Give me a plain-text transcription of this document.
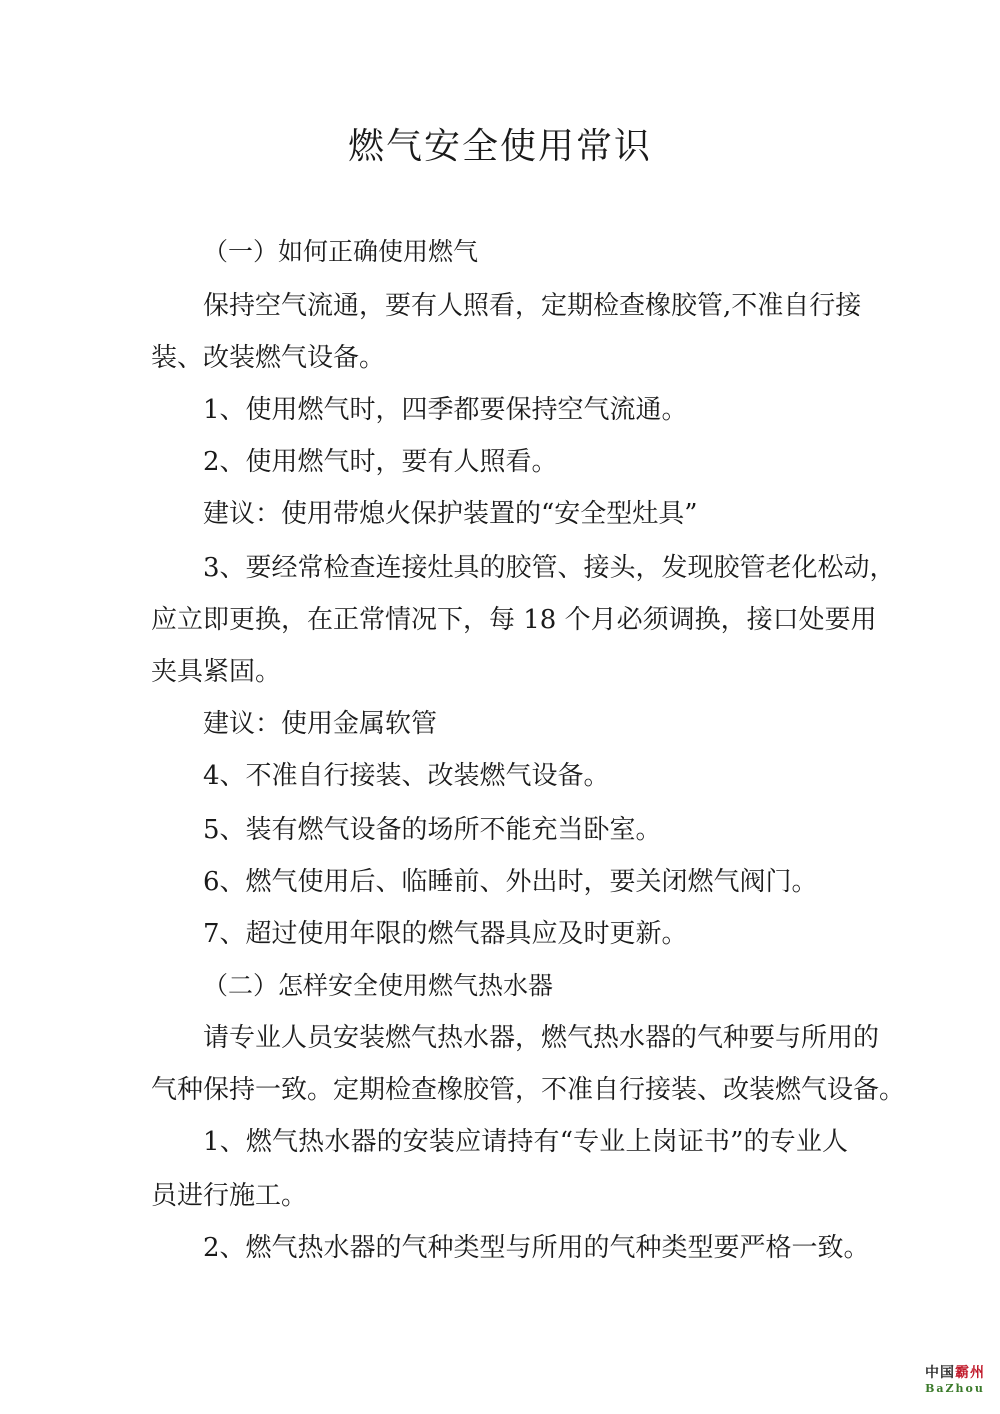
燃气安全使用常识

（一）如何正确使用燃气

保持空气流通，要有人照看，定期检查橡胶管,不准自行接

装、改装燃气设备。

1、使用燃气时，四季都要保持空气流通。

2、使用燃气时，要有人照看。

建议：使用带熄火保护装置的“安全型灶具”

3、要经常检查连接灶具的胶管、接头，发现胶管老化松动，

应立即更换，在正常情况下，每 18 个月必须调换，接口处要用

夹具紧固。

建议：使用金属软管

4、不准自行接装、改装燃气设备。

5、装有燃气设备的场所不能充当卧室。

6、燃气使用后、临睡前、外出时，要关闭燃气阀门。

7、超过使用年限的燃气器具应及时更新。

（二）怎样安全使用燃气热水器

请专业人员安装燃气热水器，燃气热水器的气种要与所用的

气种保持一致。定期检查橡胶管，不准自行接装、改装燃气设备。

1、燃气热水器的安装应请持有“专业上岗证书”的专业人

员进行施工。

2、燃气热水器的气种类型与所用的气种类型要严格一致。

中国霸州
BaZhou
